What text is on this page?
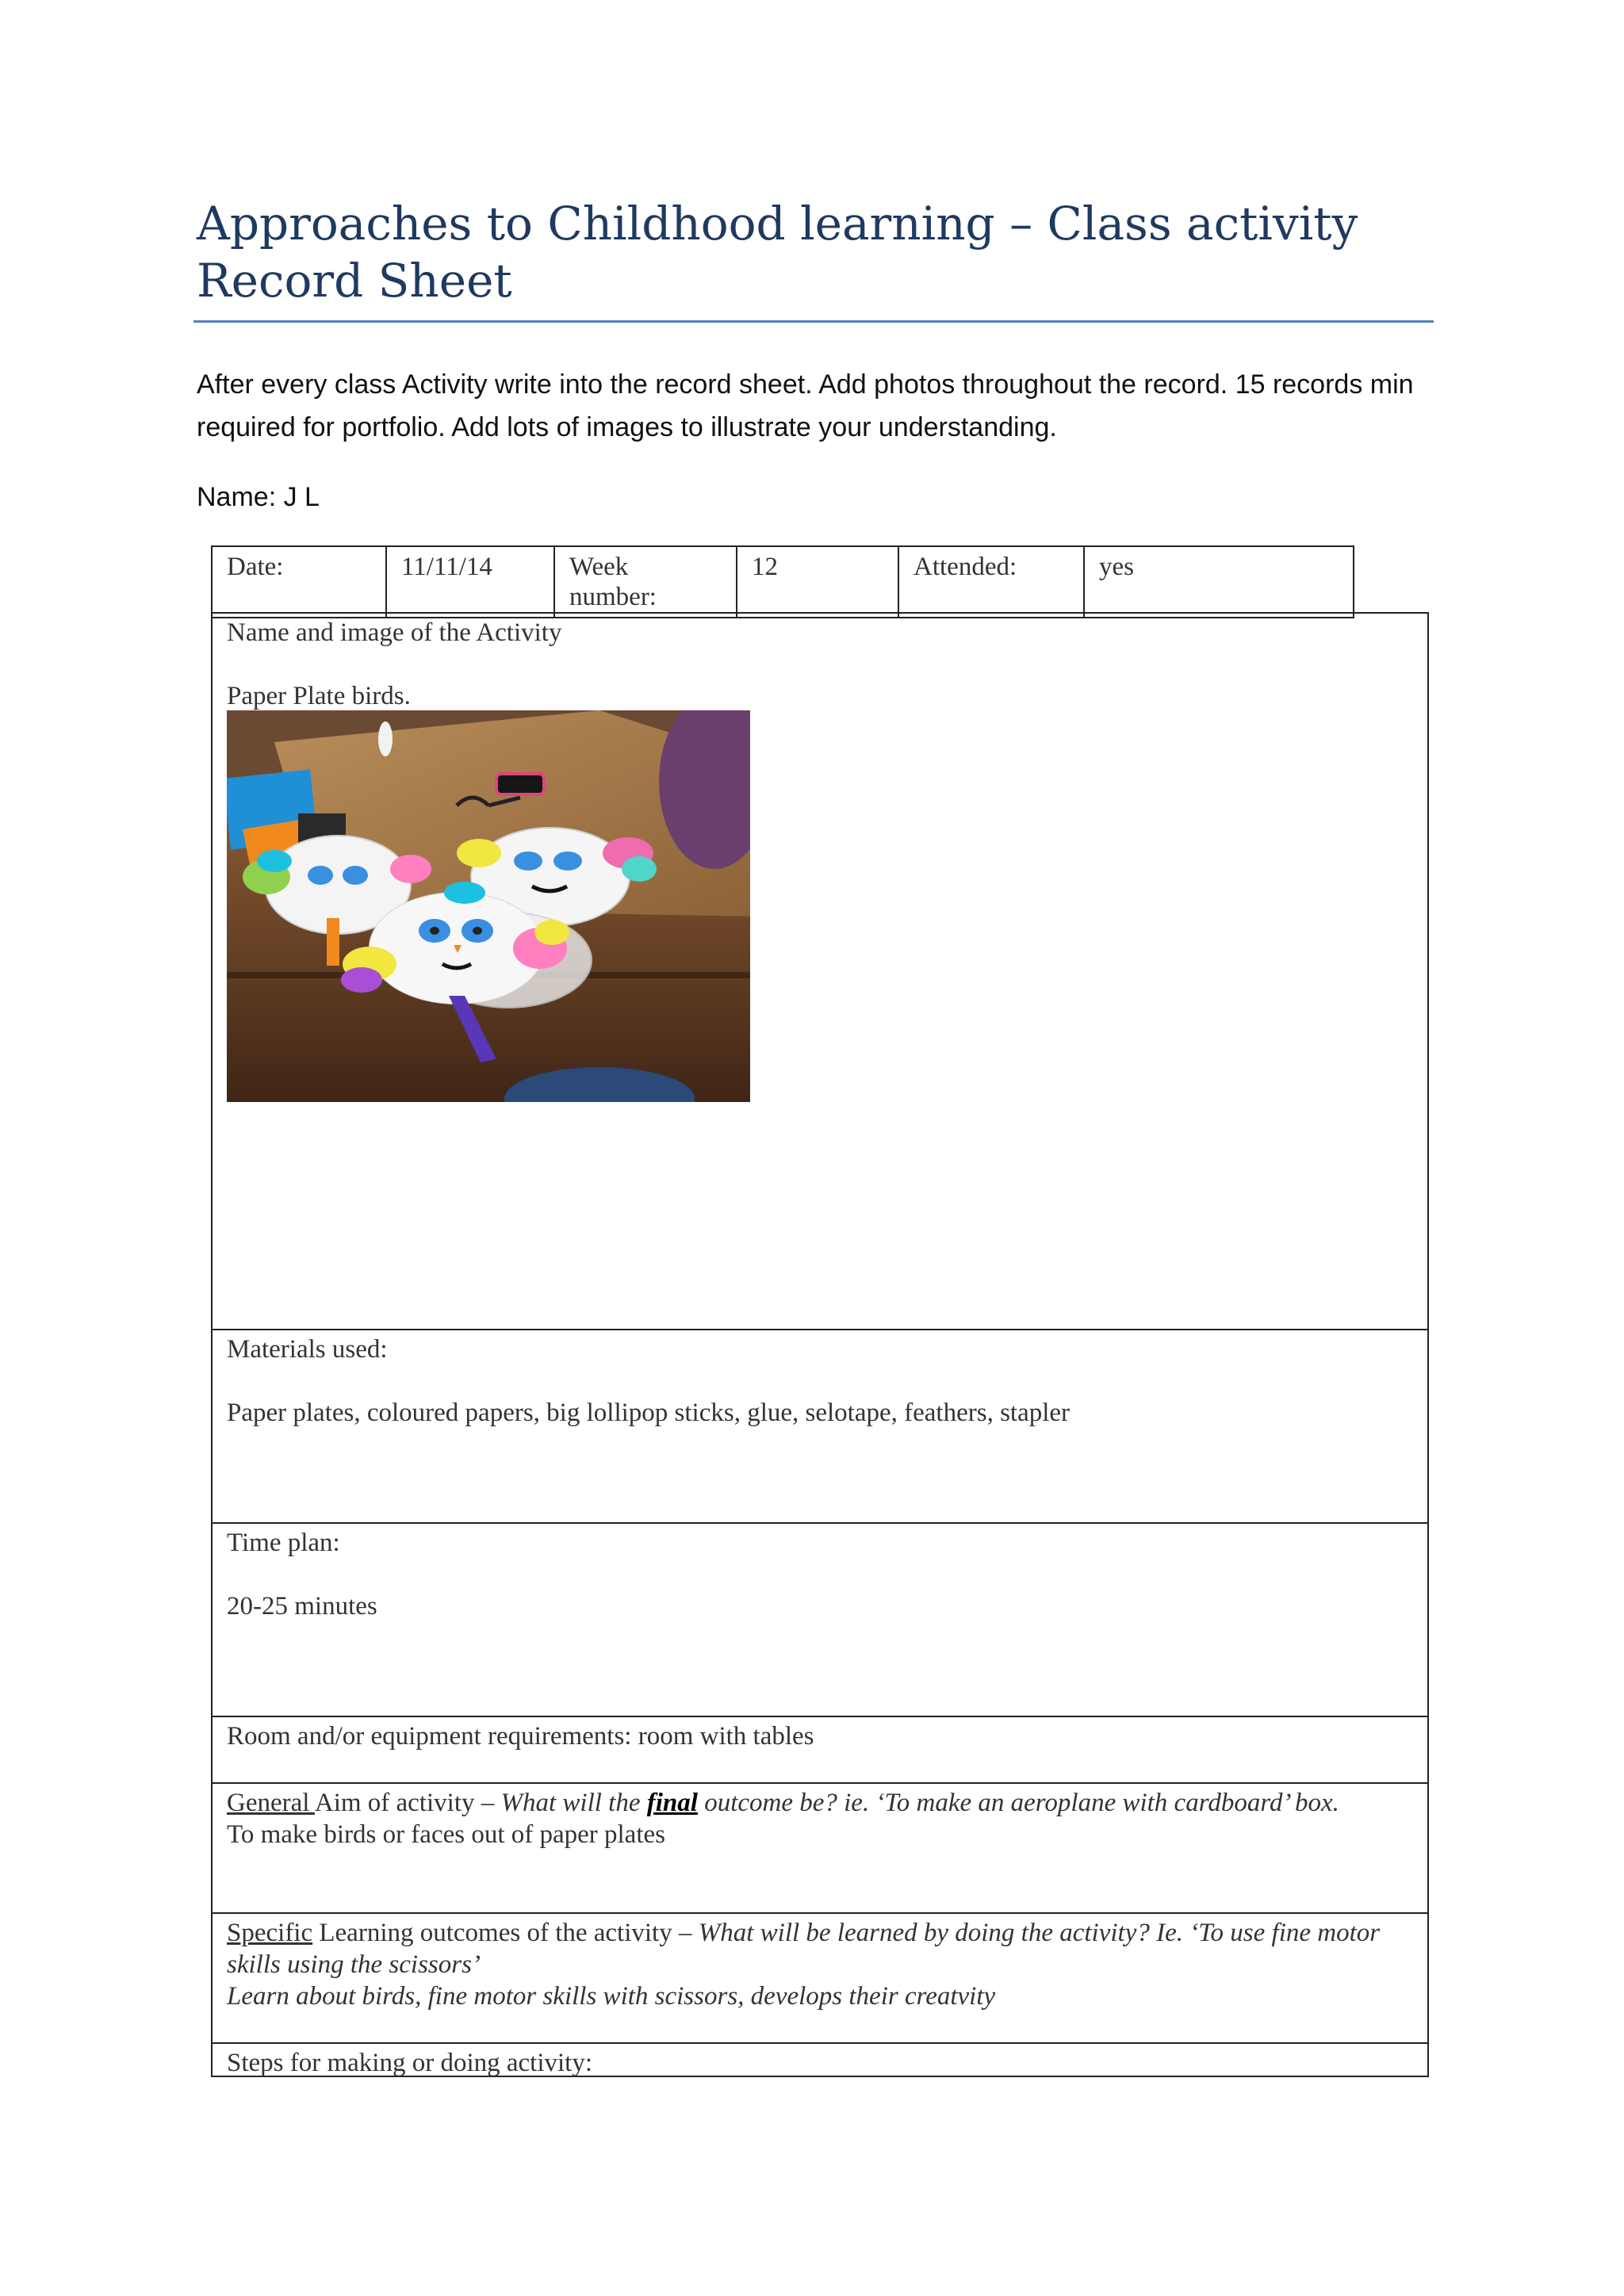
Approaches to Childhood learning – Class activity Record Sheet

After every class Activity write into the record sheet. Add photos throughout the record. 15 records min required for portfolio. Add lots of images to illustrate your understanding.

Name: J L

Date:	11/11/14	Week number:	12	Attended:	yes

Name and image of the Activity

Paper Plate birds.

Materials used:

Paper plates, coloured papers, big lollipop sticks, glue, selotape, feathers, stapler

Time plan:

20-25 minutes

Room and/or equipment requirements: room with tables

General Aim of activity – What will the final outcome be? ie. ‘To make an aeroplane with cardboard’ box.

To make birds or faces out of paper plates

Specific Learning outcomes of the activity – What will be learned by doing the activity? Ie. ‘To use fine motor skills using the scissors’

Learn about birds, fine motor skills with scissors, develops their creatvity

Steps for making or doing activity:
